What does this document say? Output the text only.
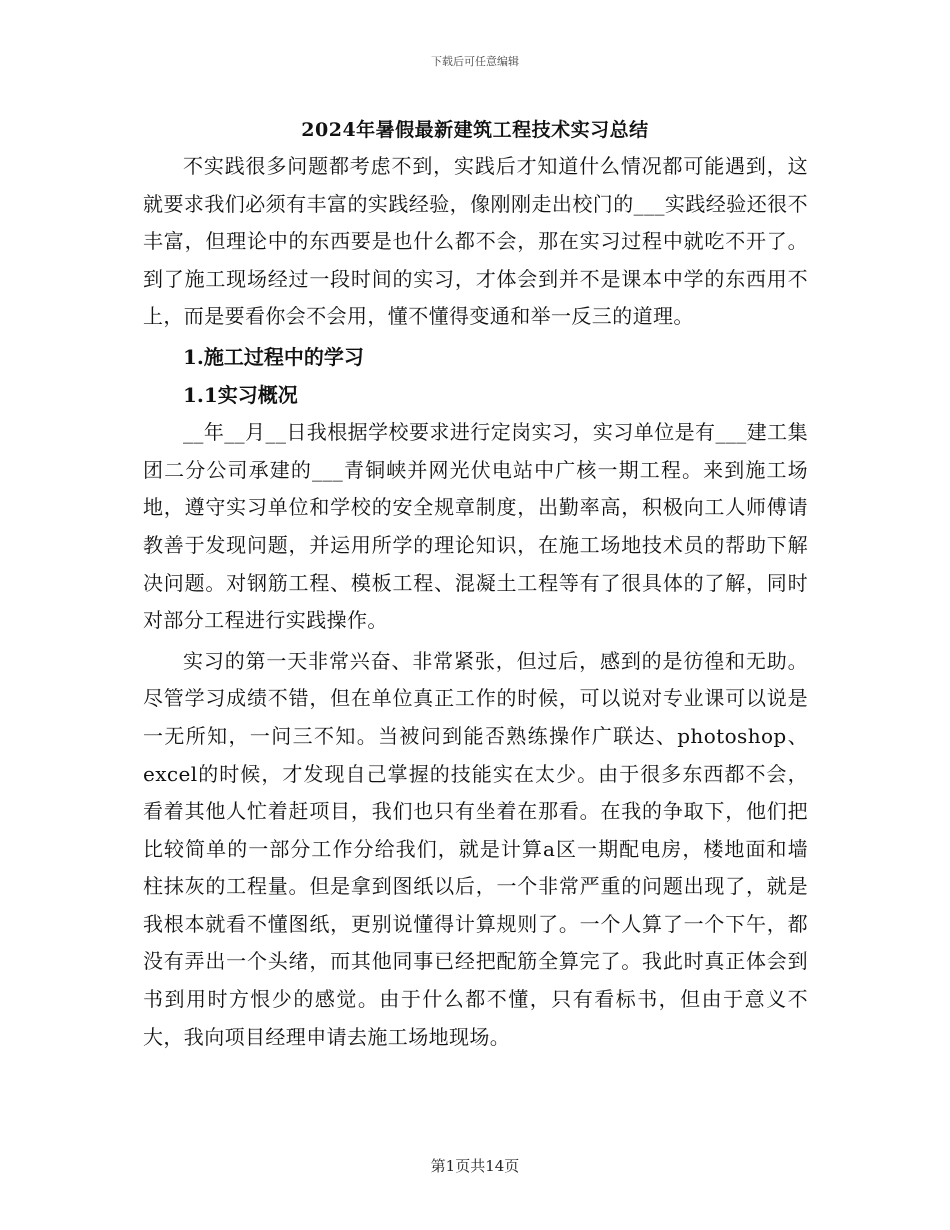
下载后可任意编辑
2024年暑假最新建筑工程技术实习总结

不实践很多问题都考虑不到，实践后才知道什么情况都可能遇到，这就要求我们必须有丰富的实践经验，像刚刚走出校门的___实践经验还很不丰富，但理论中的东西要是也什么都不会，那在实习过程中就吃不开了。到了施工现场经过一段时间的实习，才体会到并不是课本中学的东西用不上，而是要看你会不会用，懂不懂得变通和举一反三的道理。

1.施工过程中的学习

1.1实习概况

__年__月__日我根据学校要求进行定岗实习，实习单位是有___建工集团二分公司承建的___青铜峡并网光伏电站中广核一期工程。来到施工场地，遵守实习单位和学校的安全规章制度，出勤率高，积极向工人师傅请教善于发现问题，并运用所学的理论知识，在施工场地技术员的帮助下解决问题。对钢筋工程、模板工程、混凝土工程等有了很具体的了解，同时对部分工程进行实践操作。

实习的第一天非常兴奋、非常紧张，但过后，感到的是彷徨和无助。尽管学习成绩不错，但在单位真正工作的时候，可以说对专业课可以说是一无所知，一问三不知。当被问到能否熟练操作广联达、photoshop、excel的时候，才发现自己掌握的技能实在太少。由于很多东西都不会，看着其他人忙着赶项目，我们也只有坐着在那看。在我的争取下，他们把比较简单的一部分工作分给我们，就是计算a区一期配电房，楼地面和墙柱抹灰的工程量。但是拿到图纸以后，一个非常严重的问题出现了，就是我根本就看不懂图纸，更别说懂得计算规则了。一个人算了一个下午，都没有弄出一个头绪，而其他同事已经把配筋全算完了。我此时真正体会到书到用时方恨少的感觉。由于什么都不懂，只有看标书，但由于意义不大，我向项目经理申请去施工场地现场。

第1页共14页
